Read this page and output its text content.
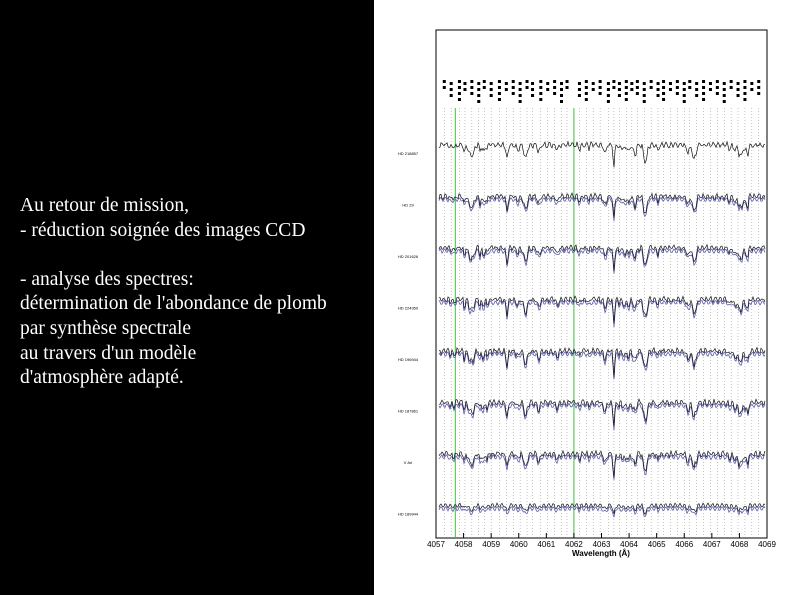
Au retour de mission,
- réduction soignée des images CCD

- analyse des spectres:
détermination de l'abondance de plomb
par synthèse spectrale
au travers d'un modèle
d'atmosphère adapté.

HD 218857
HD 29
HD 201626
HD 224959
HD 196944
HD 187861
V Ari
HD 189944
4057 4058 4059 4060 4061 4062 4063 4064 4065 4066 4067 4068 4069
Wavelength (Å)
